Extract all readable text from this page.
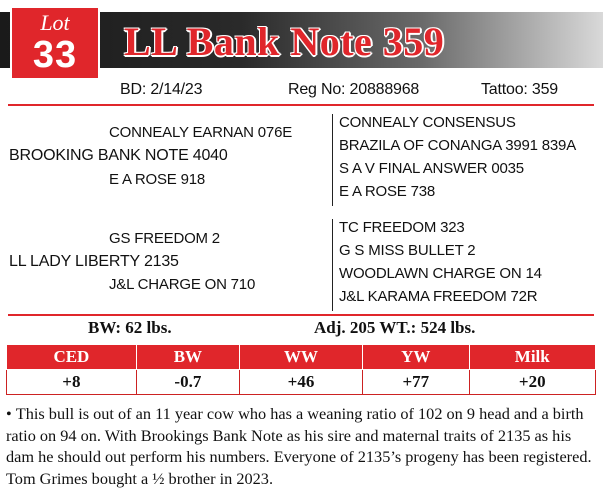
Lot
33	LL Bank Note 359
BD: 2/14/23	Reg No: 20888968	Tattoo: 359
CONNEALY EARNAN 076E
BROOKING BANK NOTE 4040
E A ROSE 918
CONNEALY CONSENSUS
BRAZILA OF CONANGA 3991 839A
S A V FINAL ANSWER 0035
E A ROSE 738
GS FREEDOM 2
LL LADY LIBERTY 2135
J&L CHARGE ON 710
TC FREEDOM 323
G S MISS BULLET 2
WOODLAWN CHARGE ON 14
J&L KARAMA FREEDOM 72R
BW: 62 lbs.	Adj. 205 WT.: 524 lbs.
CED	BW	WW	YW	Milk
+8	-0.7	+46	+77	+20
• This bull is out of an 11 year cow who has a weaning ratio of 102 on 9 head and a birth ratio on 94 on. With Brookings Bank Note as his sire and maternal traits of 2135 as his dam he should out perform his numbers. Everyone of 2135’s progeny has been registered. Tom Grimes bought a ½ brother in 2023.
